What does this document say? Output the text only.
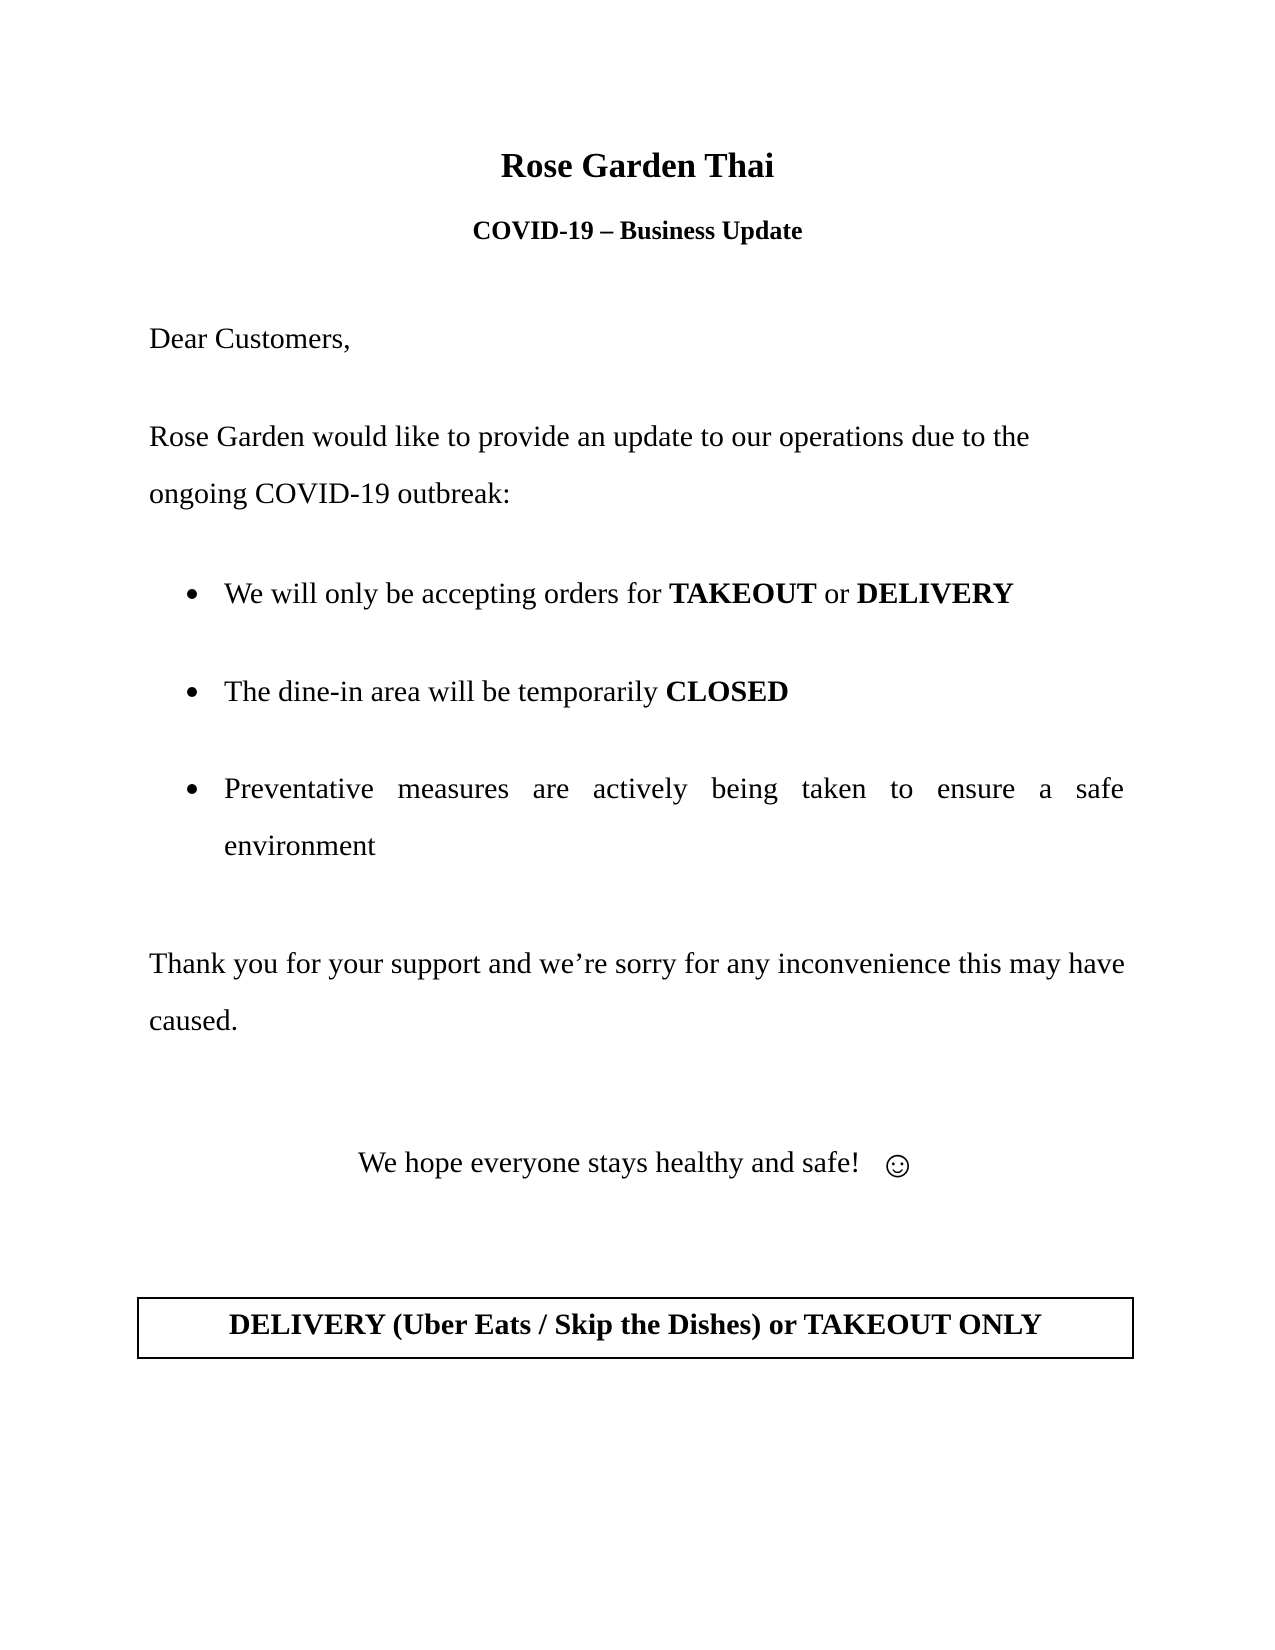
Rose Garden Thai
COVID-19 – Business Update
Dear Customers,
Rose Garden would like to provide an update to our operations due to the ongoing COVID-19 outbreak:
We will only be accepting orders for TAKEOUT or DELIVERY
The dine-in area will be temporarily CLOSED
Preventative measures are actively being taken to ensure a safe environment
Thank you for your support and we’re sorry for any inconvenience this may have caused.
We hope everyone stays healthy and safe! ☺
DELIVERY (Uber Eats / Skip the Dishes) or TAKEOUT ONLY
